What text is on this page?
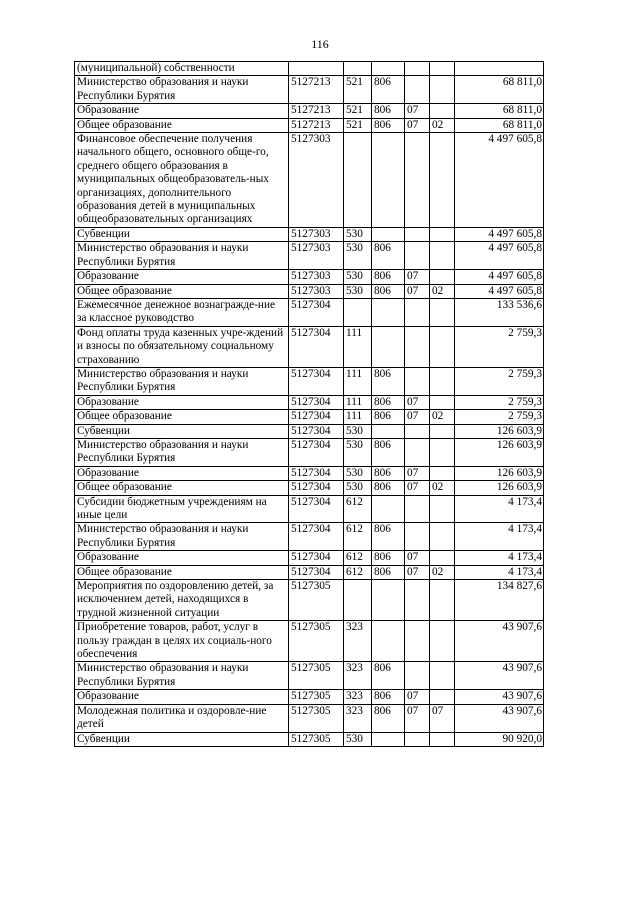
116
(муниципальной) собственности						
Министерство образования и науки Республики Бурятия	5127213	521	806			68 811,0
Образование	5127213	521	806	07		68 811,0
Общее образование	5127213	521	806	07	02	68 811,0
Финансовое обеспечение получения начального общего, основного обще-го, среднего общего образования в муниципальных общеобразователь-ных организациях, дополнительного образования детей в муниципальных общеобразовательных организациях	5127303					4 497 605,8
Субвенции	5127303	530				4 497 605,8
Министерство образования и науки Республики Бурятия	5127303	530	806			4 497 605,8
Образование	5127303	530	806	07		4 497 605,8
Общее образование	5127303	530	806	07	02	4 497 605,8
Ежемесячное денежное вознагражде-ние за классное руководство	5127304					133 536,6
Фонд оплаты труда казенных учре-ждений и взносы по обязательному социальному страхованию	5127304	111				2 759,3
Министерство образования и науки Республики Бурятия	5127304	111	806			2 759,3
Образование	5127304	111	806	07		2 759,3
Общее образование	5127304	111	806	07	02	2 759,3
Субвенции	5127304	530				126 603,9
Министерство образования и науки Республики Бурятия	5127304	530	806			126 603,9
Образование	5127304	530	806	07		126 603,9
Общее образование	5127304	530	806	07	02	126 603,9
Субсидии бюджетным учреждениям на иные цели	5127304	612				4 173,4
Министерство образования и науки Республики Бурятия	5127304	612	806			4 173,4
Образование	5127304	612	806	07		4 173,4
Общее образование	5127304	612	806	07	02	4 173,4
Мероприятия по оздоровлению детей, за исключением детей, находящихся в трудной жизненной ситуации	5127305					134 827,6
Приобретение товаров, работ, услуг в пользу граждан в целях их социаль-ного обеспечения	5127305	323				43 907,6
Министерство образования и науки Республики Бурятия	5127305	323	806			43 907,6
Образование	5127305	323	806	07		43 907,6
Молодежная политика и оздоровле-ние детей	5127305	323	806	07	07	43 907,6
Субвенции	5127305	530				90 920,0
